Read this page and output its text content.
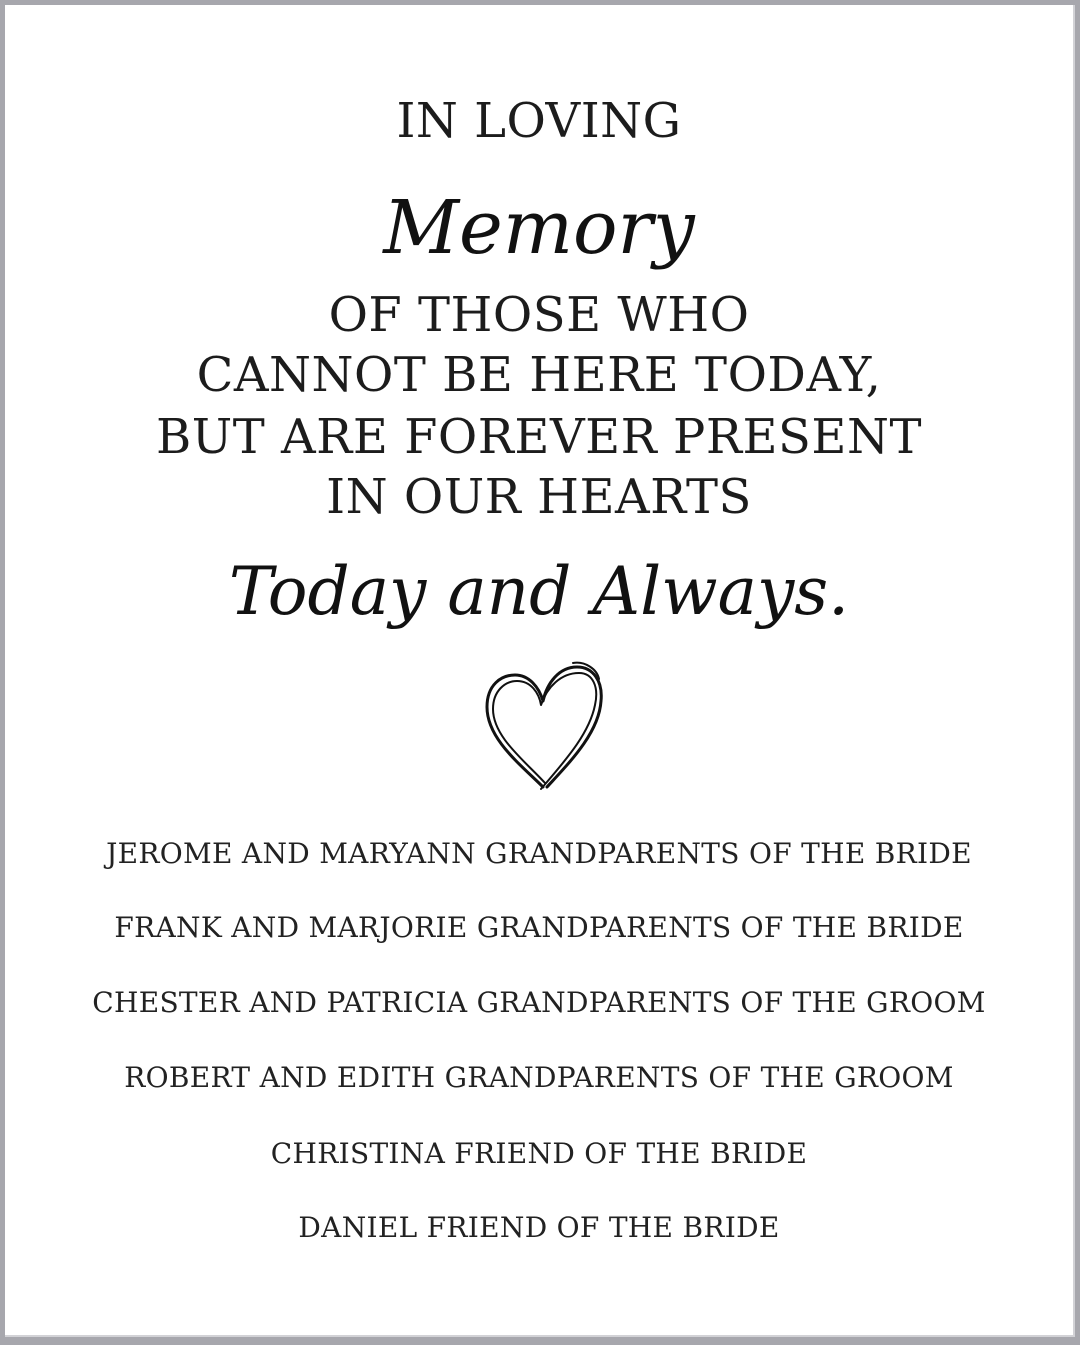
IN LOVING
Memory
OF THOSE WHO
CANNOT BE HERE TODAY,
BUT ARE FOREVER PRESENT
IN OUR HEARTS
Today and Always.
JEROME AND MARYANN GRANDPARENTS OF THE BRIDE
FRANK AND MARJORIE GRANDPARENTS OF THE BRIDE
CHESTER AND PATRICIA GRANDPARENTS OF THE GROOM
ROBERT AND EDITH GRANDPARENTS OF THE GROOM
CHRISTINA FRIEND OF THE BRIDE
DANIEL FRIEND OF THE BRIDE
